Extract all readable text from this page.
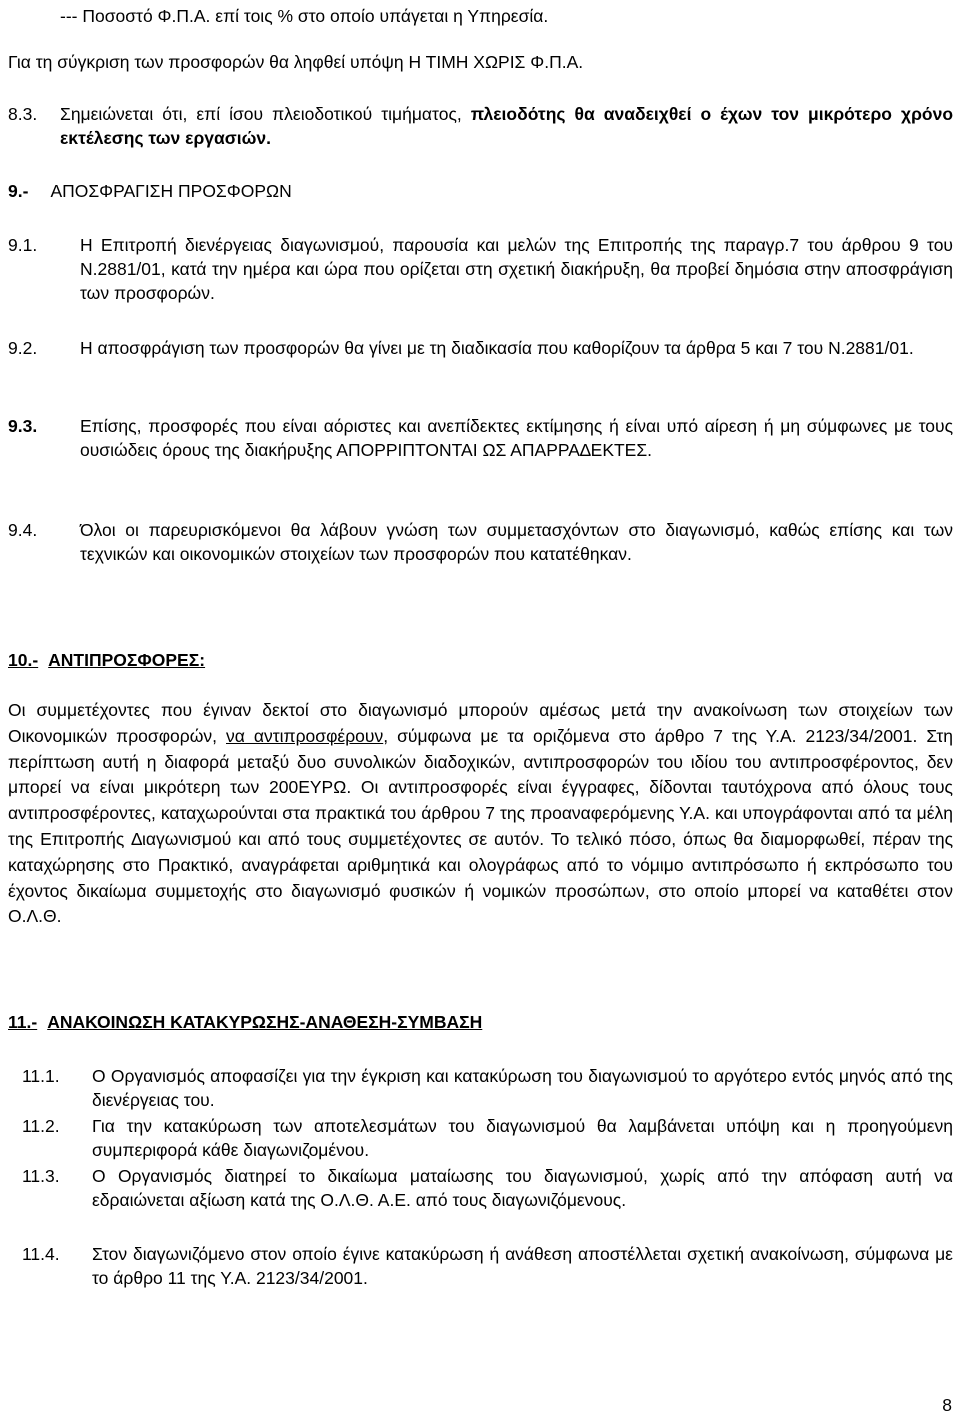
--- Ποσοστό Φ.Π.Α. επί τοις % στο οποίο υπάγεται η Υπηρεσία.
Για τη σύγκριση των προσφορών θα ληφθεί υπόψη Η ΤΙΜΗ ΧΩΡΙΣ Φ.Π.Α.
8.3. Σημειώνεται ότι, επί ίσου πλειοδοτικού τιμήματος, πλειοδότης θα αναδειχθεί ο έχων τον μικρότερο χρόνο εκτέλεσης των εργασιών.
9.- ΑΠΟΣΦΡΑΓΙΣΗ ΠΡΟΣΦΟΡΩΝ
9.1. Η Επιτροπή διενέργειας διαγωνισμού, παρουσία και μελών της Επιτροπής της παραγρ.7 του άρθρου 9 του Ν.2881/01, κατά την ημέρα και ώρα που ορίζεται στη σχετική διακήρυξη, θα προβεί δημόσια στην αποσφράγιση των προσφορών.
9.2. Η αποσφράγιση των προσφορών θα γίνει με τη διαδικασία που καθορίζουν τα άρθρα 5 και 7 του Ν.2881/01.
9.3. Επίσης, προσφορές που είναι αόριστες και ανεπίδεκτες εκτίμησης ή είναι υπό αίρεση ή μη σύμφωνες με τους ουσιώδεις όρους της διακήρυξης ΑΠΟΡΡΙΠΤΟΝΤΑΙ ΩΣ ΑΠΑΡΡΑ∆ΕΚΤΕΣ.
9.4. Όλοι οι παρευρισκόμενοι θα λάβουν γνώση των συμμετασχόντων στο διαγωνισμό, καθώς επίσης και των τεχνικών και οικονομικών στοιχείων των προσφορών που κατατέθηκαν.
10.- ΑΝΤΙΠΡΟΣΦΟΡΕΣ:
Οι συμμετέχοντες που έγιναν δεκτοί στο διαγωνισμό μπορούν αμέσως μετά την ανακοίνωση των στοιχείων των Οικονομικών προσφορών, να αντιπροσφέρουν, σύμφωνα με τα οριζόμενα στο άρθρο 7 της Υ.Α. 2123/34/2001. Στη περίπτωση αυτή η διαφορά μεταξύ δυο συνολικών διαδοχικών, αντιπροσφορών του ιδίου του αντιπροσφέροντος, δεν μπορεί να είναι μικρότερη των 200ΕΥΡΩ. Οι αντιπροσφορές είναι έγγραφες, δίδονται ταυτόχρονα από όλους τους αντιπροσφέροντες, καταχωρούνται στα πρακτικά του άρθρου 7 της προαναφερόμενης Υ.Α. και υπογράφονται από τα μέλη της Επιτροπής ∆ιαγωνισμού και από τους συμμετέχοντες σε αυτόν. Το τελικό πόσο, όπως θα διαμορφωθεί, πέραν της καταχώρησης στο Πρακτικό, αναγράφεται αριθμητικά και ολογράφως από το νόμιμο αντιπρόσωπο ή εκπρόσωπο του έχοντος δικαίωμα συμμετοχής στο διαγωνισμό φυσικών ή νομικών προσώπων, στο οποίο μπορεί να καταθέτει στον Ο.Λ.Θ.
11.- ΑΝΑΚΟΙΝΩΣΗ ΚΑΤΑΚΥΡΩΣΗΣ-ΑΝΑΘΕΣΗ-ΣΥΜΒΑΣΗ
11.1. Ο Οργανισμός αποφασίζει για την έγκριση και κατακύρωση του διαγωνισμού το αργότερο εντός μηνός από της διενέργειας του.
11.2. Για την κατακύρωση των αποτελεσμάτων του διαγωνισμού θα λαμβάνεται υπόψη και η προηγούμενη συμπεριφορά κάθε διαγωνιζομένου.
11.3. Ο Οργανισμός διατηρεί το δικαίωμα ματαίωσης του διαγωνισμού, χωρίς από την απόφαση αυτή να εδραιώνεται αξίωση κατά της Ο.Λ.Θ. Α.Ε. από τους διαγωνιζόμενους.
11.4. Στον διαγωνιζόμενο στον οποίο έγινε κατακύρωση ή ανάθεση αποστέλλεται σχετική ανακοίνωση, σύμφωνα με το άρθρο 11 της Υ.Α. 2123/34/2001.
8
